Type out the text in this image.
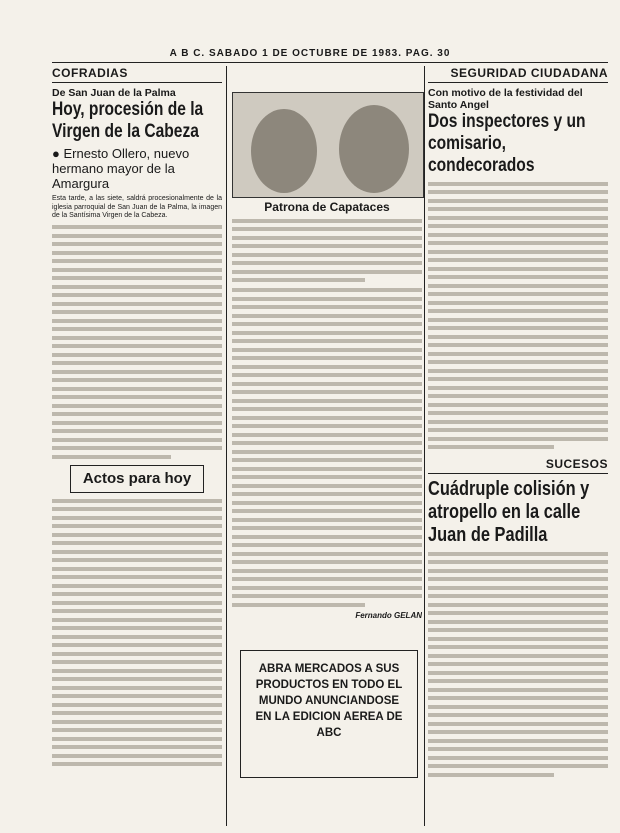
A B C. SABADO 1 DE OCTUBRE DE 1983. PAG. 30
COFRADIAS
De San Juan de la Palma
Hoy, procesión de la Virgen de la Cabeza
● Ernesto Ollero, nuevo hermano mayor de la Amargura
Esta tarde, a las siete, saldrá procesionalmente de la iglesia parroquial de San Juan de la Palma, la imagen de la Santísima Virgen de la Cabeza.
Actos para hoy
Patrona de Capataces
Fernando GELAN
ABRA MERCADOS A SUS PRODUCTOS EN TODO EL MUNDO ANUNCIANDOSE EN LA EDICION AEREA DE ABC
SEGURIDAD CIUDADANA
Con motivo de la festividad del Santo Angel
Dos inspectores y un comisario, condecorados
SUCESOS
Cuádruple colisión y atropello en la calle Juan de Padilla
